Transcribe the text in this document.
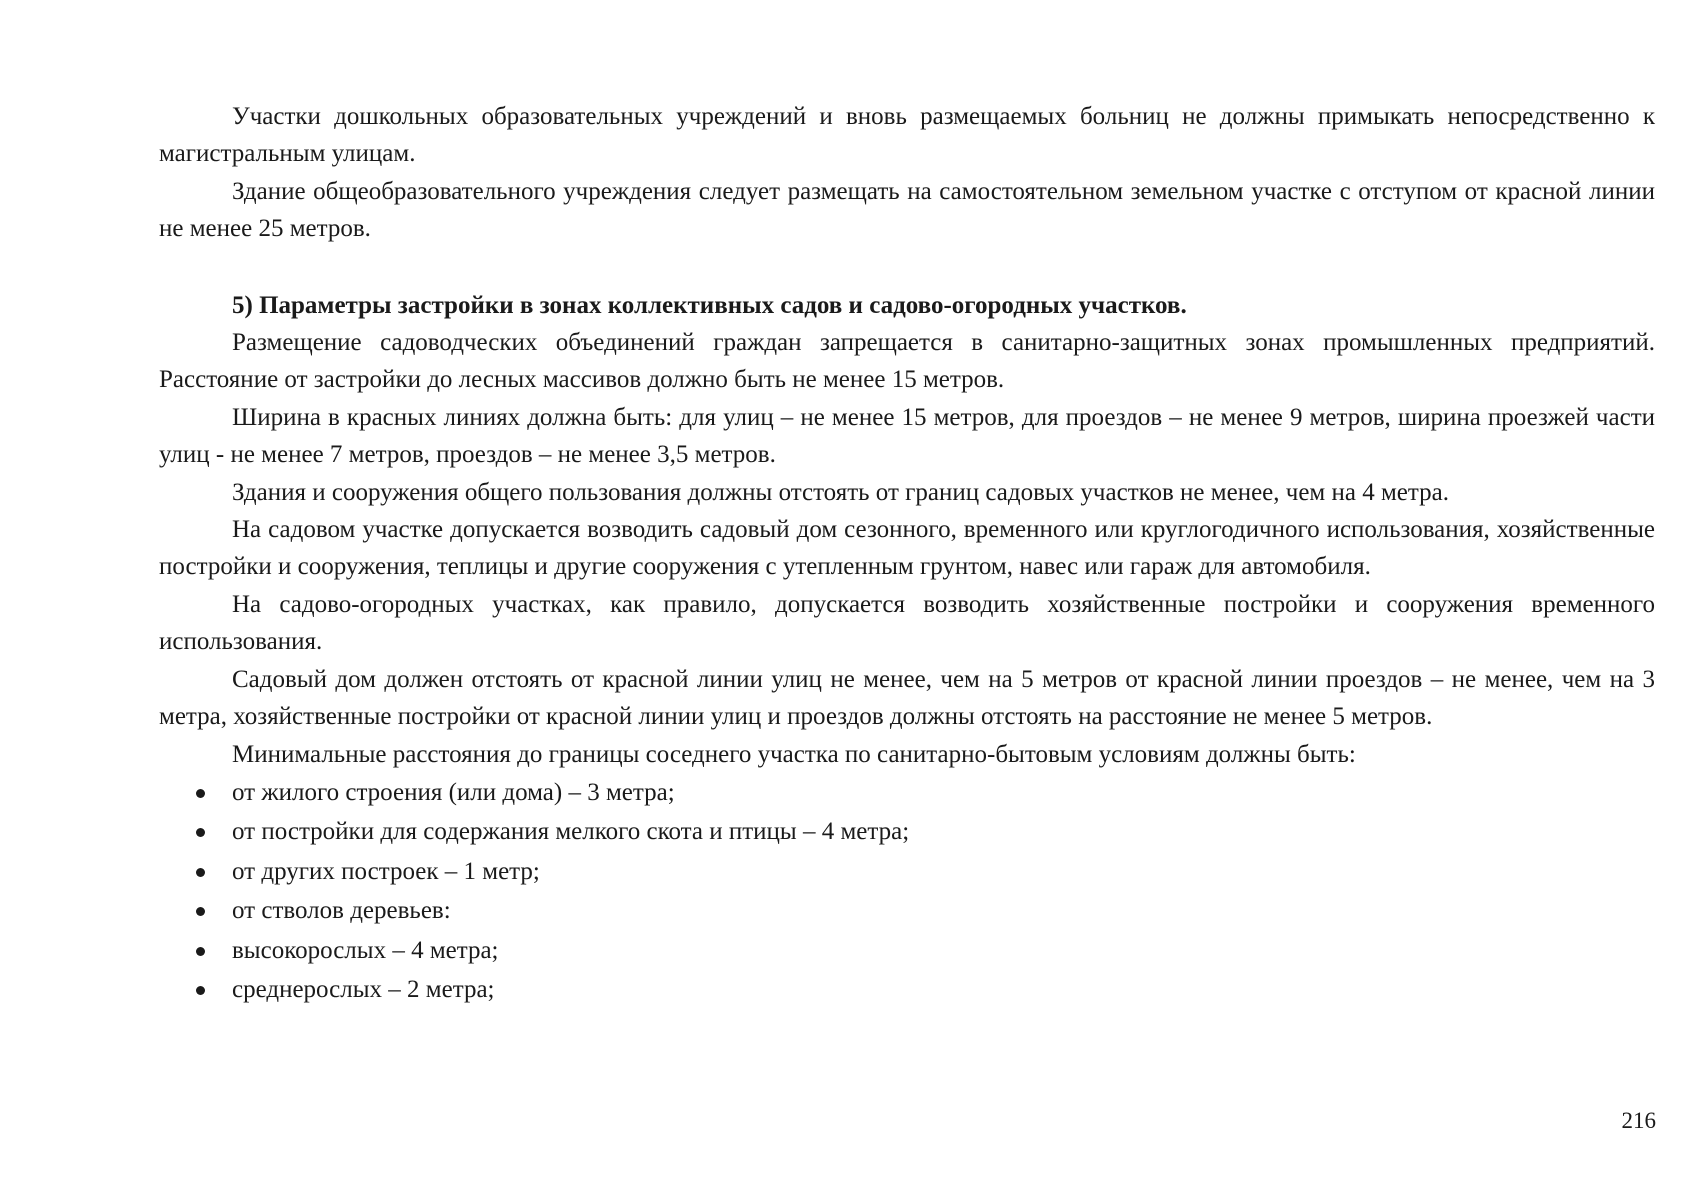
Участки дошкольных образовательных учреждений и вновь размещаемых больниц не должны примыкать непосредственно к магистральным улицам.

Здание общеобразовательного учреждения следует размещать на самостоятельном земельном участке с отступом от красной линии не менее 25 метров.

5) Параметры застройки в зонах коллективных садов и садово-огородных участков.

Размещение садоводческих объединений граждан запрещается в санитарно-защитных зонах промышленных предприятий. Расстояние от застройки до лесных массивов должно быть не менее 15 метров.

Ширина в красных линиях должна быть: для улиц – не менее 15 метров, для проездов – не менее 9 метров, ширина проезжей части улиц - не менее 7 метров, проездов – не менее 3,5 метров.

Здания и сооружения общего пользования должны отстоять от границ садовых участков не менее, чем на 4 метра.

На садовом участке допускается возводить садовый дом сезонного, временного или круглогодичного использования, хозяйственные постройки и сооружения, теплицы и другие сооружения с утепленным грунтом, навес или гараж для автомобиля.

На садово-огородных участках, как правило, допускается возводить хозяйственные постройки и сооружения временного использования.

Садовый дом должен отстоять от красной линии улиц не менее, чем на 5 метров от красной линии проездов – не менее, чем на 3 метра, хозяйственные постройки от красной линии улиц и проездов должны отстоять на расстояние не менее 5 метров.

Минимальные расстояния до границы соседнего участка по санитарно-бытовым условиям должны быть:

от жилого строения (или дома) – 3 метра;
от постройки для содержания мелкого скота и птицы – 4 метра;
от других построек – 1 метр;
от стволов деревьев:
высокорослых – 4 метра;
среднерослых – 2 метра;
216
